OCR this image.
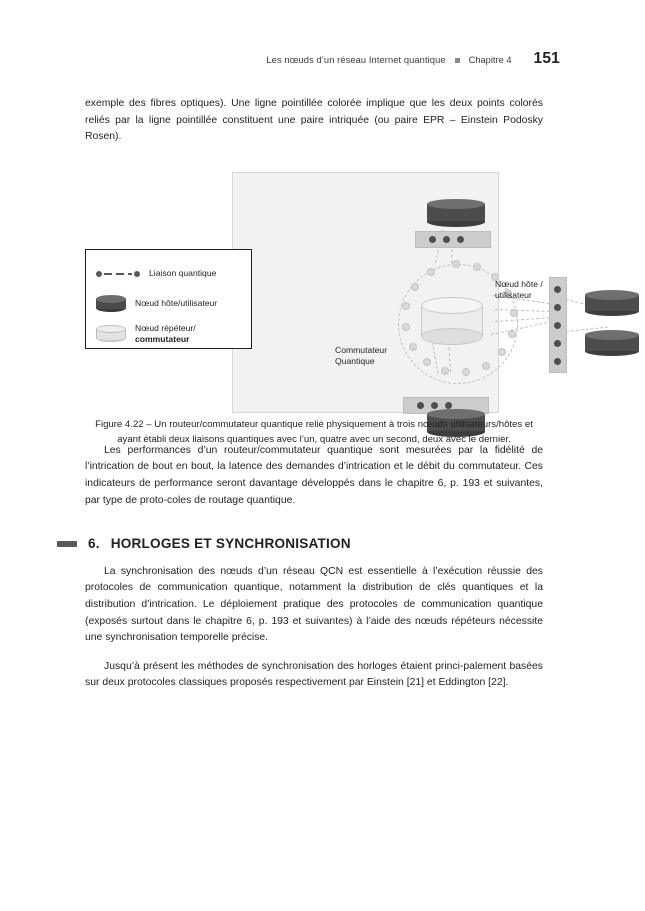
Les nœuds d’un réseau Internet quantique Chapitre 4 151

exemple des fibres optiques). Une ligne pointillée colorée implique que les deux points colorés reliés par la ligne pointillée constituent une paire intriquée (ou paire EPR – Einstein Podosky Rosen).

Nœud hôte /
utilisateur
Commutateur
Quantique
Liaison quantique
Nœud hôte/utilisateur
Nœud répéteur/
commutateur
Figure 4.22 – Un routeur/commutateur quantique relié physiquement à trois nœuds utilisateurs/hôtes et ayant établi deux liaisons quantiques avec l’un, quatre avec un second, deux avec le dernier.

Les performances d’un routeur/commutateur quantique sont mesurées par la fidélité de l’intrication de bout en bout, la latence des demandes d’intrication et le débit du commutateur. Ces indicateurs de performance seront davantage développés dans le chapitre 6, p. 193 et suivantes, par type de proto-coles de routage quantique.

6. HORLOGES ET SYNCHRONISATION

La synchronisation des nœuds d’un réseau QCN est essentielle à l’exécution réussie des protocoles de communication quantique, notamment la distribution de clés quantiques et la distribution d’intrication. Le déploiement pratique des protocoles de communication quantique (exposés surtout dans le chapitre 6, p. 193 et suivantes) à l’aide des nœuds répéteurs nécessite une synchronisation temporelle précise.

Jusqu’à présent les méthodes de synchronisation des horloges étaient princi-palement basées sur deux protocoles classiques proposés respectivement par Einstein [21] et Eddington [22].
